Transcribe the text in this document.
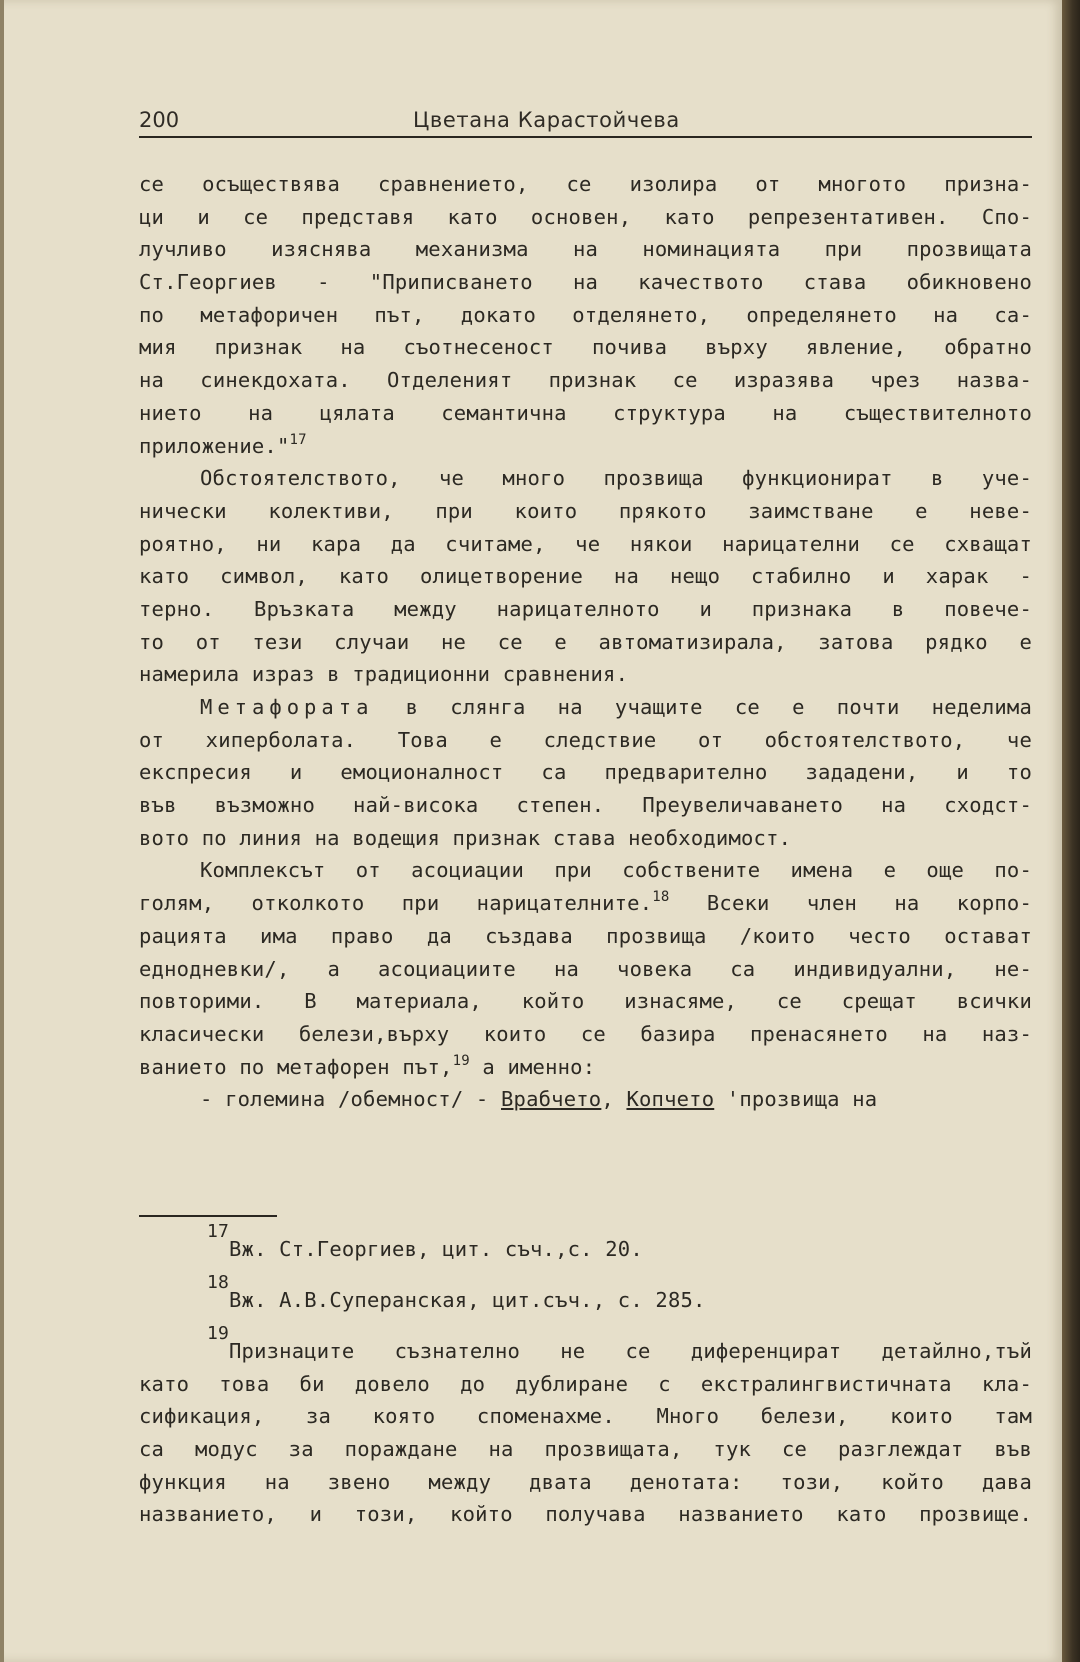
200	Цветана Карастойчева
се осъществява сравнението, се изолира от многото призна-
ци и се представя като основен, като репрезентативен. Спо-
лучливо изяснява механизма на номинацията при прозвищата
Ст.Георгиев - "Приписването на качеството става обикновено
по метафоричен път, докато отделянето, определянето на са-
мия признак на съотнесеност почива върху явление, обратно
на синекдохата. Отделеният признак се изразява чрез назва-
нието на цялата семантична структура на съществителното
приложение."$^{17}$
Обстоятелството, че много прозвища функционират в уче-
нически колективи, при които прякото заимстване е неве-
роятно, ни кара да считаме, че някои нарицателни се схващат
като символ, като олицетворение на нещо стабилно и харак -
терно. Връзката между нарицателното и признака в повече-
то от тези случаи не се е автоматизирала, затова рядко е
намерила израз в традиционни сравнения.
Метафората в слянга на учащите се е почти неделима
от хиперболата. Това е следствие от обстоятелството, че
експресия и емоционалност са предварително зададени, и то
във възможно най-висока степен. Преувеличаването на сходст-
вото по линия на водещия признак става необходимост.
Комплексът от асоциации при собствените имена е още по-
голям, отколкото при нарицателните.$^{18}$ Всеки член на корпо-
рацията има право да създава прозвища /които често остават
еднодневки/, а асоциациите на човека са индивидуални, не-
повторими. В материала, който изнасяме, се срещат всички
класически белези,върху които се базира пренасянето на наз-
ванието по метафорен път,$^{19}$ а именно:
- големина /обемност/ - Врабчето, Копчето 'прозвища на
17
Вж. Ст.Георгиев, цит. съч.,с. 20.
18
Вж. А.В.Суперанская, цит.съч., с. 285.
19
Признаците съзнателно не се диференцират детайлно,тъй
като това би довело до дублиране с екстралингвистичната кла-
сификация, за която споменахме. Много белези, които там
са модус за пораждане на прозвищата, тук се разглеждат във
функция на звено между двата денотата: този, който дава
названието, и този, който получава названието като прозвище.
